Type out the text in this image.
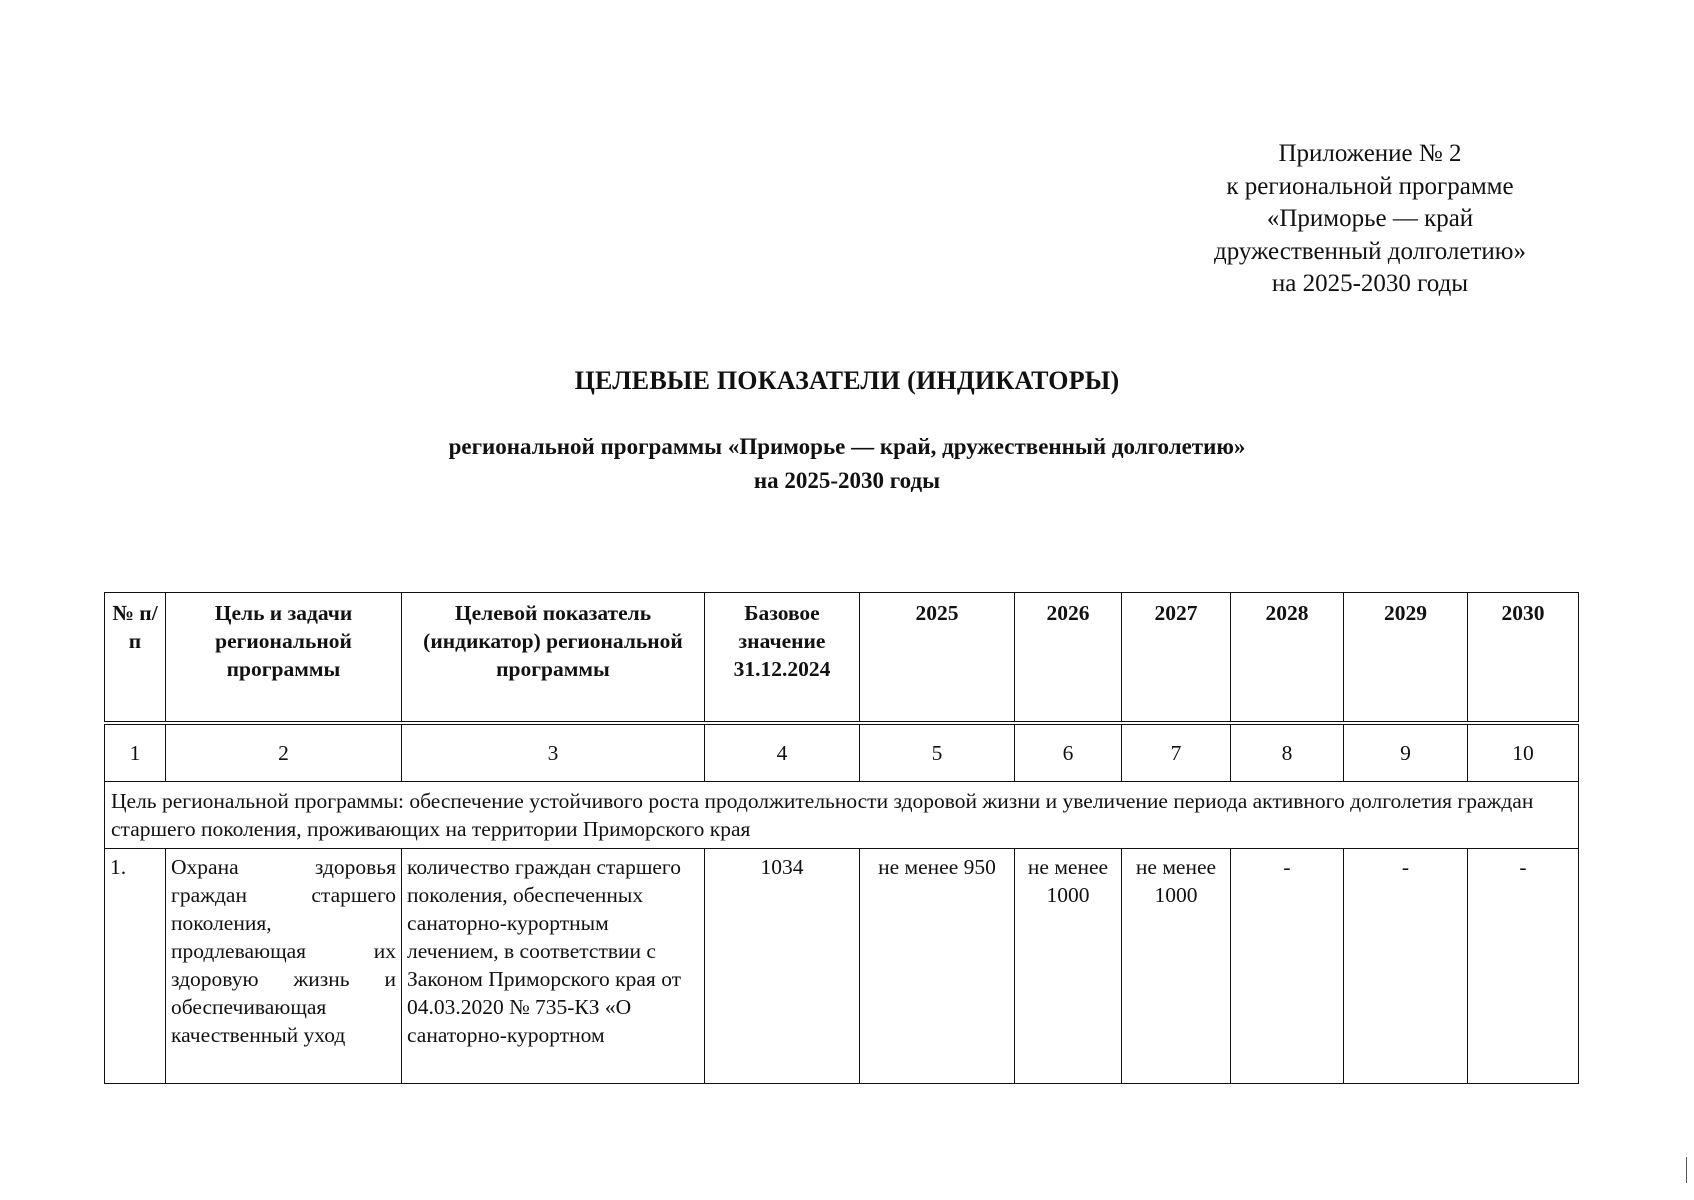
Приложение № 2
к региональной программе
«Приморье — край
дружественный долголетию»
на 2025-2030 годы
ЦЕЛЕВЫЕ ПОКАЗАТЕЛИ (ИНДИКАТОРЫ)
региональной программы «Приморье — край, дружественный долголетию»
на 2025-2030 годы
№ п/п	Цель и задачи региональной программы	Целевой показатель (индикатор) региональной программы	Базовое значение 31.12.2024	2025	2026	2027	2028	2029	2030
1	2	3	4	5	6	7	8	9	10
Цель региональной программы: обеспечение устойчивого роста продолжительности здоровой жизни и увеличение периода активного долголетия граждан старшего поколения, проживающих на территории Приморского края									
1.	Охрана здоровья граждан старшего поколения, продлевающая их здоровую жизнь и обеспечивающая качественный уход	количество граждан старшего поколения, обеспеченных санаторно-курортным лечением, в соответствии с Законом Приморского края от 04.03.2020 № 735-КЗ «О санаторно-курортном	1034	не менее 950	не менее 1000	не менее 1000	-	-	-
